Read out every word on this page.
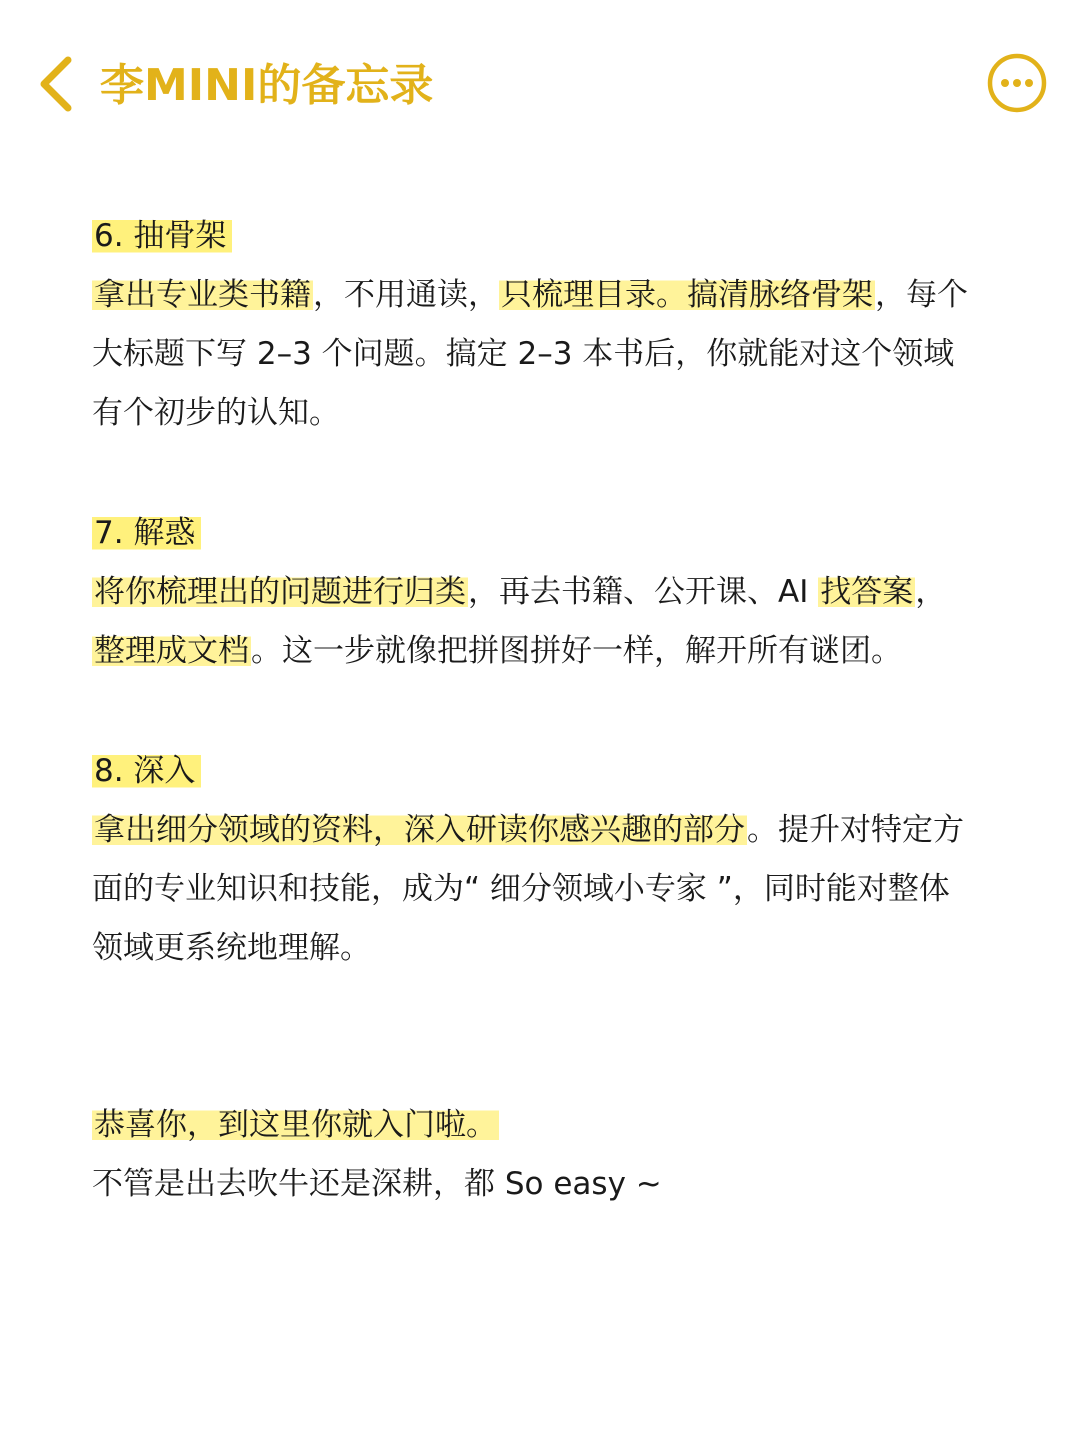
李MINI的备忘录
6. 抽骨架
拿出专业类书籍，不用通读，只梳理目录。搞清脉络骨架，每个大标题下写 2–3 个问题。搞定 2–3 本书后，你就能对这个领域有个初步的认知。
7. 解惑
将你梳理出的问题进行归类，再去书籍、公开课、AI 找答案，整理成文档。这一步就像把拼图拼好一样，解开所有谜团。
8. 深入
拿出细分领域的资料，深入研读你感兴趣的部分。提升对特定方面的专业知识和技能，成为“ 细分领域小专家 ”，同时能对整体领域更系统地理解。
恭喜你，到这里你就入门啦。
不管是出去吹牛还是深耕，都 So easy ~
